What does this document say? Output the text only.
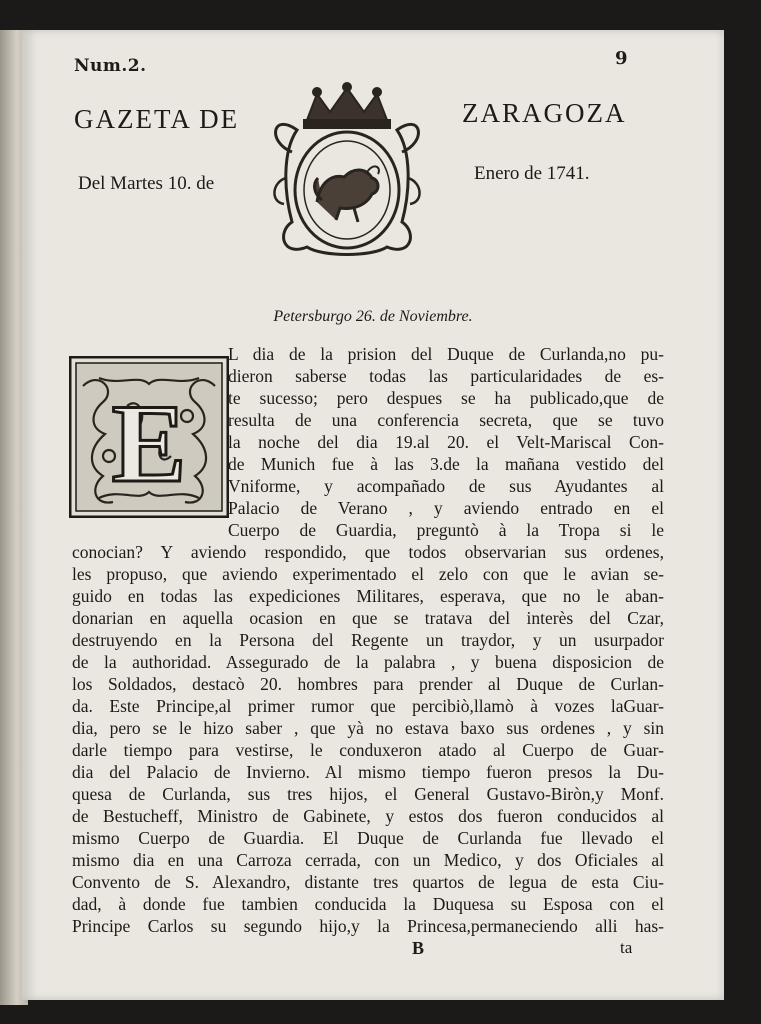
Num.2.	9
GAZETA DE	ZARAGOZA
Del Martes 10. de	Enero de 1741.
Petersburgo 26. de Noviembre.
E
L dia de la prision del Duque de Curlanda,no pu-
dieron saberse todas las particularidades de es-
te sucesso; pero despues se ha publicado,que de
resulta de una conferencia secreta, que se tuvo
la noche del dia 19.al 20. el Velt-Mariscal Con-
de Munich fue à las 3.de la mañana vestido del
Vniforme, y acompañado de sus Ayudantes al
Palacio de Verano , y aviendo entrado en el
Cuerpo de Guardia, preguntò à la Tropa si le
conocian? Y aviendo respondido, que todos observarian sus ordenes,
les propuso, que aviendo experimentado el zelo con que le avian se-
guido en todas las expediciones Militares, esperava, que no le aban-
donarian en aquella ocasion en que se tratava del interès del Czar,
destruyendo en la Persona del Regente un traydor, y un usurpador
de la authoridad. Assegurado de la palabra , y buena disposicion de
los Soldados, destacò 20. hombres para prender al Duque de Curlan-
da. Este Principe,al primer rumor que percibiò,llamò à vozes laGuar-
dia, pero se le hizo saber , que yà no estava baxo sus ordenes , y sin
darle tiempo para vestirse, le conduxeron atado al Cuerpo de Guar-
dia del Palacio de Invierno. Al mismo tiempo fueron presos la Du-
quesa de Curlanda, sus tres hijos, el General Gustavo-Biròn,y Monf.
de Bestucheff, Ministro de Gabinete, y estos dos fueron conducidos al
mismo Cuerpo de Guardia. El Duque de Curlanda fue llevado el
mismo dia en una Carroza cerrada, con un Medico, y dos Oficiales al
Convento de S. Alexandro, distante tres quartos de legua de esta Ciu-
dad, à donde fue tambien conducida la Duquesa su Esposa con el
Principe Carlos su segundo hijo,y la Princesa,permaneciendo alli has-
B	ta
